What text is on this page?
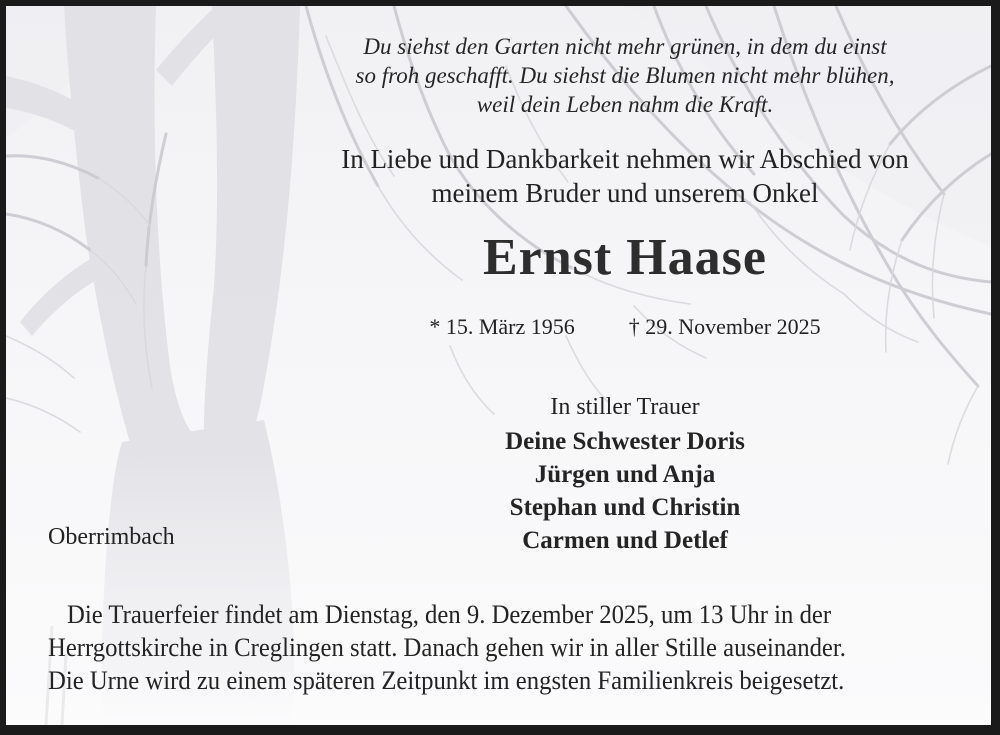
Du siehst den Garten nicht mehr grünen, in dem du einst
so froh geschafft. Du siehst die Blumen nicht mehr blühen,
weil dein Leben nahm die Kraft.
In Liebe und Dankbarkeit nehmen wir Abschied von
meinem Bruder und unserem Onkel
Ernst Haase
* 15. März 1956 † 29. November 2025
In stiller Trauer
Deine Schwester Doris
Jürgen und Anja
Stephan und Christin
Carmen und Detlef
Oberrimbach
Die Trauerfeier findet am Dienstag, den 9. Dezember 2025, um 13 Uhr in der
Herrgottskirche in Creglingen statt. Danach gehen wir in aller Stille auseinander.
Die Urne wird zu einem späteren Zeitpunkt im engsten Familienkreis beigesetzt.
